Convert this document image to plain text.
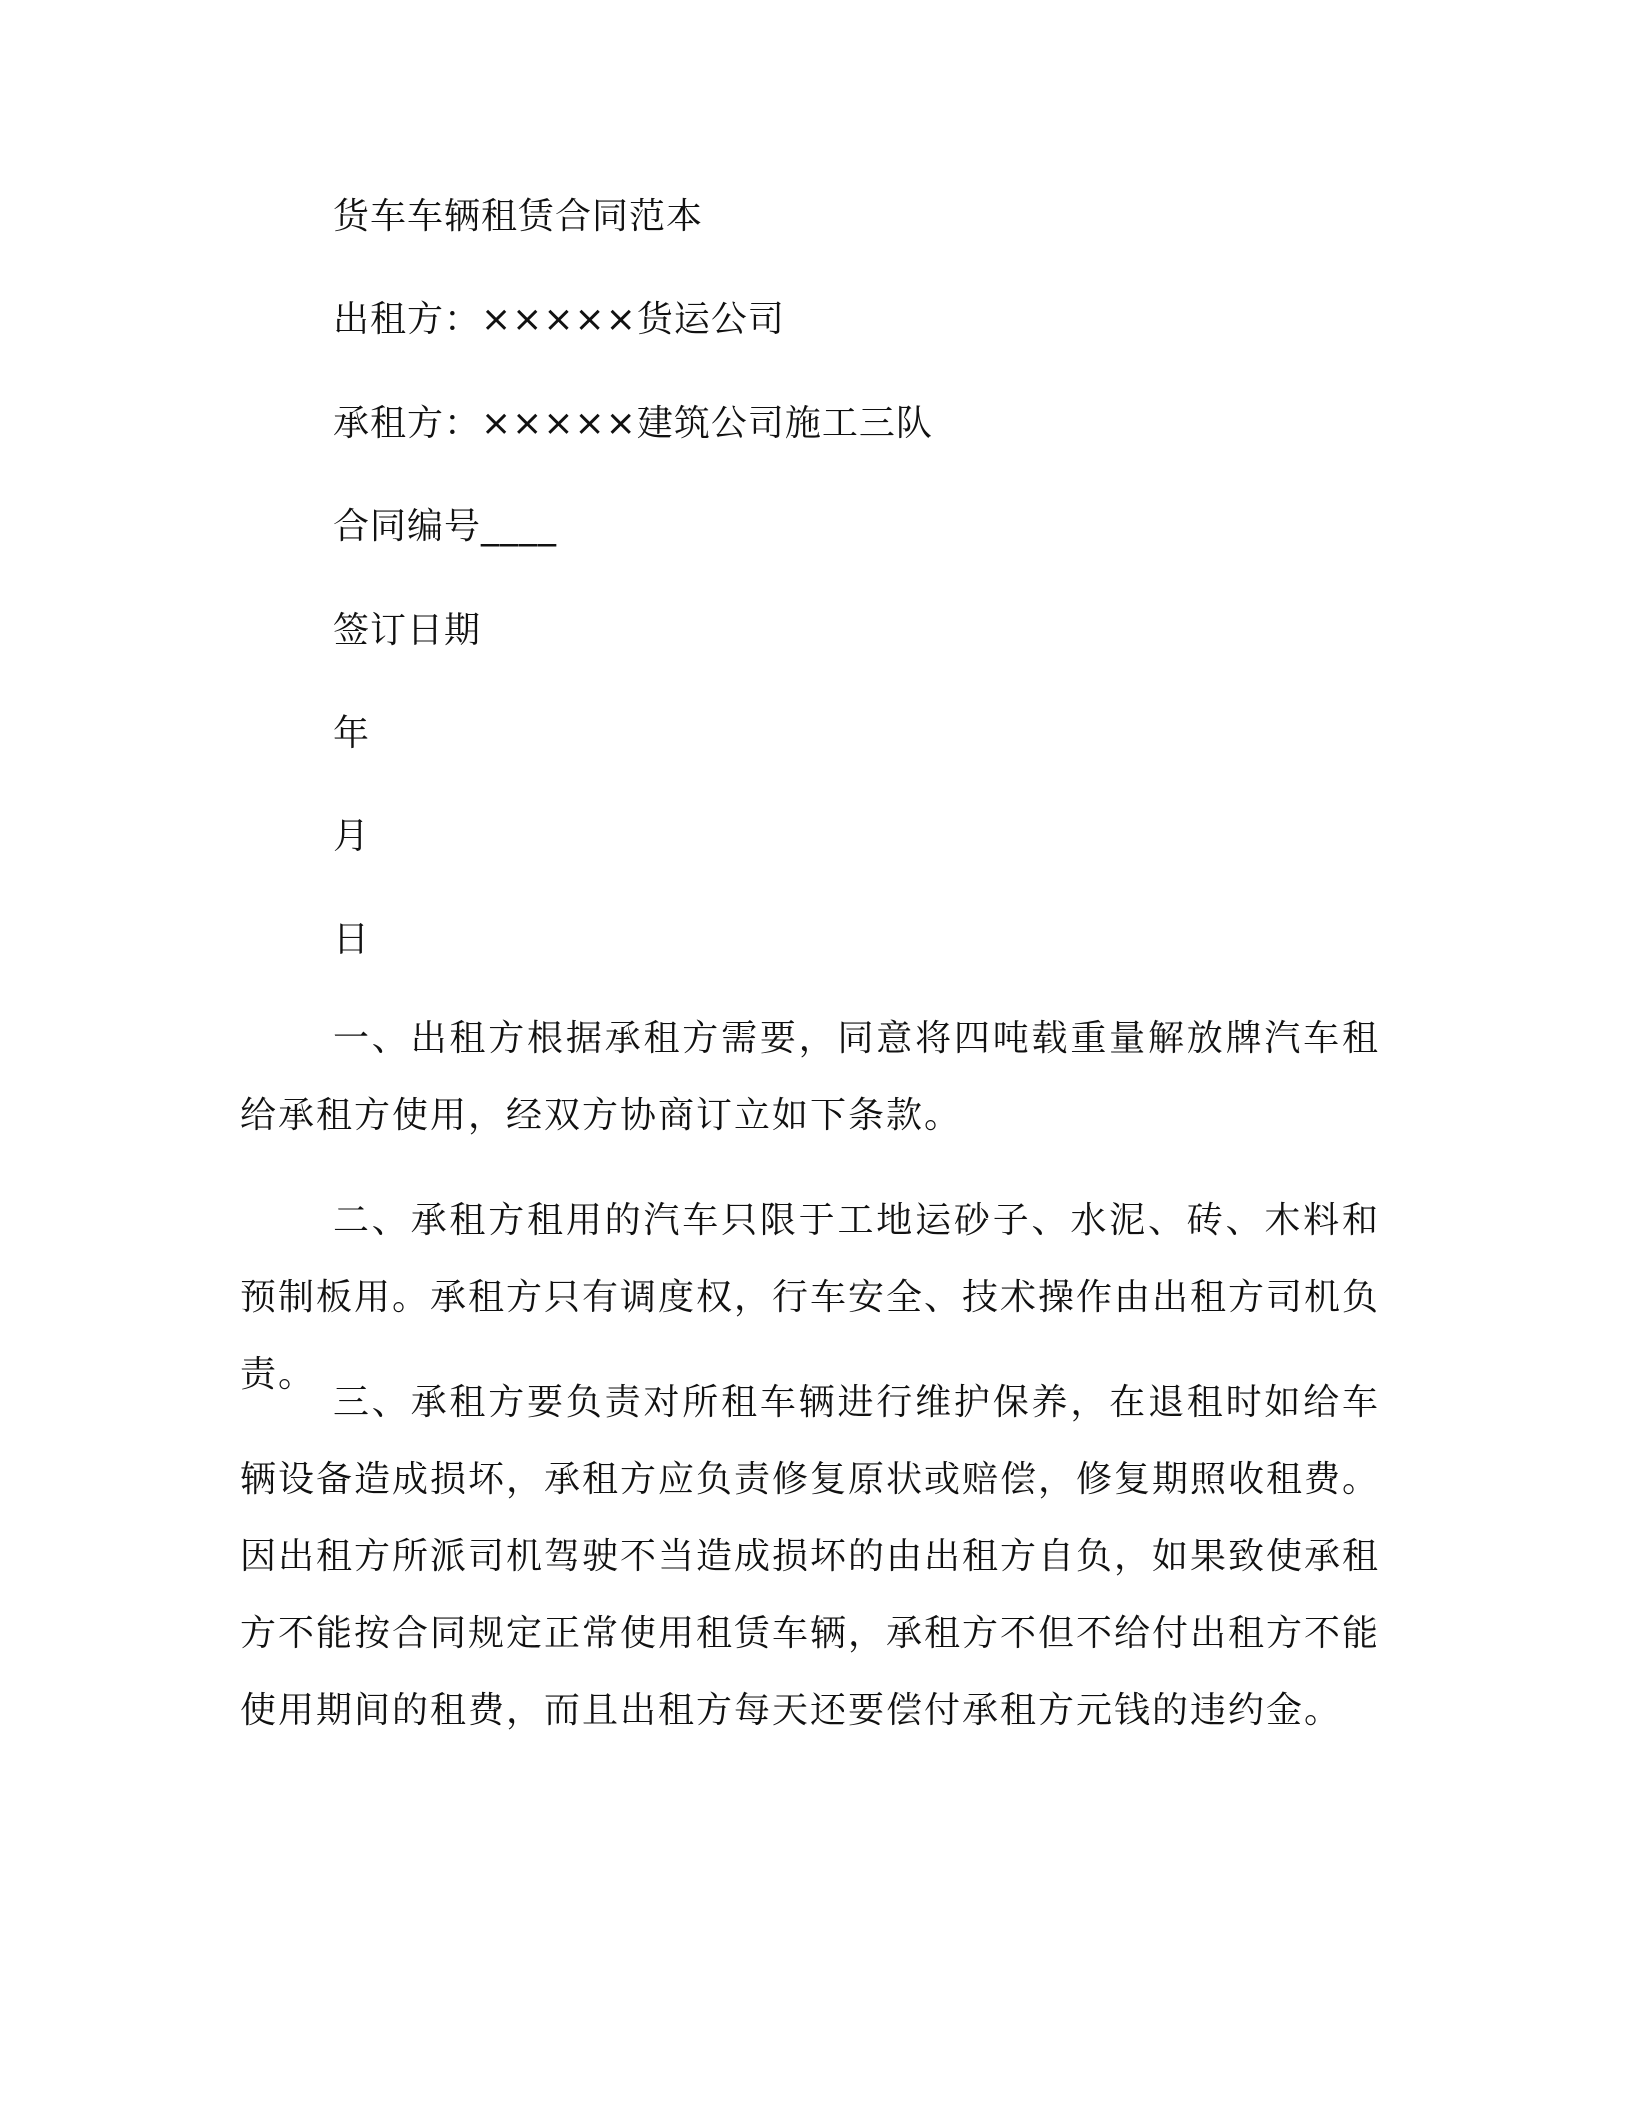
货车车辆租赁合同范本
出租方：×××××货运公司
承租方：×××××建筑公司施工三队
合同编号____
签订日期
年
月
日

一、出租方根据承租方需要，同意将四吨载重量解放牌汽车租给承租方使用，经双方协商订立如下条款。

二、承租方租用的汽车只限于工地运砂子、水泥、砖、木料和预制板用。承租方只有调度权，行车安全、技术操作由出租方司机负责。

三、承租方要负责对所租车辆进行维护保养，在退租时如给车辆设备造成损坏，承租方应负责修复原状或赔偿，修复期照收租费。因出租方所派司机驾驶不当造成损坏的由出租方自负，如果致使承租方不能按合同规定正常使用租赁车辆，承租方不但不给付出租方不能使用期间的租费，而且出租方每天还要偿付承租方元钱的违约金。
